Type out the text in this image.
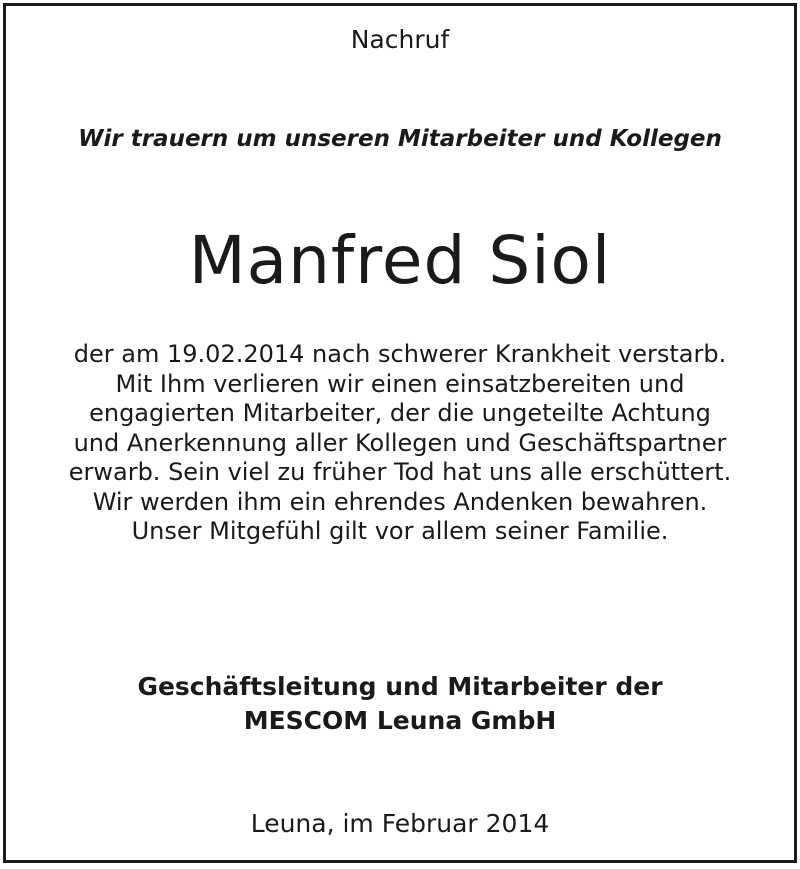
Nachruf
Wir trauern um unseren Mitarbeiter und Kollegen
Manfred Siol
der am 19.02.2014 nach schwerer Krankheit verstarb.
Mit Ihm verlieren wir einen einsatzbereiten und
engagierten Mitarbeiter, der die ungeteilte Achtung
und Anerkennung aller Kollegen und Geschäftspartner
erwarb. Sein viel zu früher Tod hat uns alle erschüttert.
Wir werden ihm ein ehrendes Andenken bewahren.
Unser Mitgefühl gilt vor allem seiner Familie.
Geschäftsleitung und Mitarbeiter der
MESCOM Leuna GmbH
Leuna, im Februar 2014
